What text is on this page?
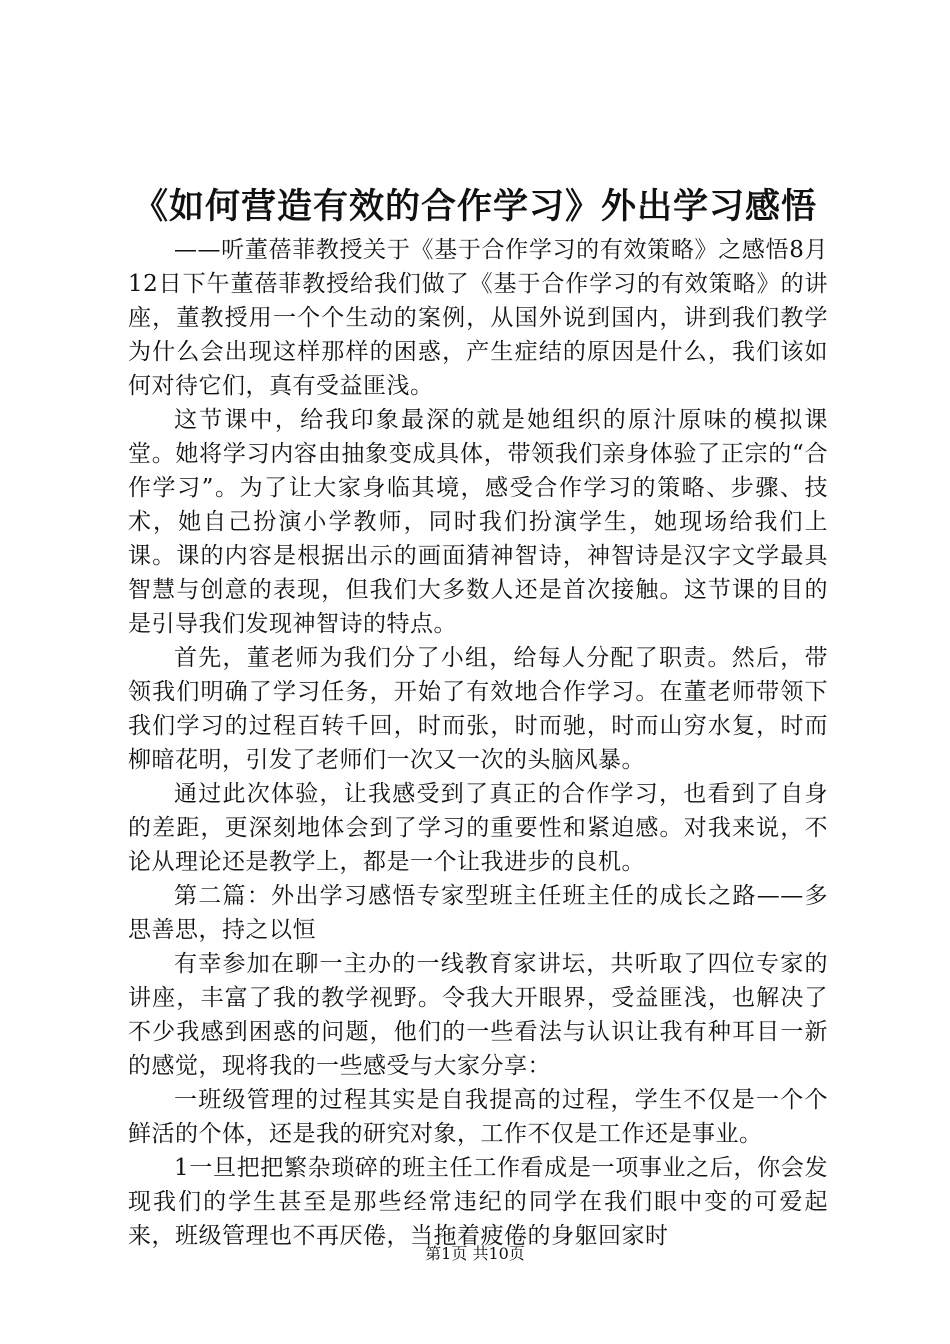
《如何营造有效的合作学习》外出学习感悟

——听董蓓菲教授关于《基于合作学习的有效策略》之感悟8月12日下午董蓓菲教授给我们做了《基于合作学习的有效策略》的讲座，董教授用一个个生动的案例，从国外说到国内，讲到我们教学为什么会出现这样那样的困惑，产生症结的原因是什么，我们该如何对待它们，真有受益匪浅。

这节课中，给我印象最深的就是她组织的原汁原味的模拟课堂。她将学习内容由抽象变成具体，带领我们亲身体验了正宗的“合作学习”。为了让大家身临其境，感受合作学习的策略、步骤、技术，她自己扮演小学教师，同时我们扮演学生，她现场给我们上课。课的内容是根据出示的画面猜神智诗，神智诗是汉字文学最具智慧与创意的表现，但我们大多数人还是首次接触。这节课的目的是引导我们发现神智诗的特点。

首先，董老师为我们分了小组，给每人分配了职责。然后，带领我们明确了学习任务，开始了有效地合作学习。在董老师带领下我们学习的过程百转千回，时而张，时而驰，时而山穷水复，时而柳暗花明，引发了老师们一次又一次的头脑风暴。

通过此次体验，让我感受到了真正的合作学习，也看到了自身的差距，更深刻地体会到了学习的重要性和紧迫感。对我来说，不论从理论还是教学上，都是一个让我进步的良机。

第二篇：外出学习感悟专家型班主任班主任的成长之路——多思善思，持之以恒

有幸参加在聊一主办的一线教育家讲坛，共听取了四位专家的讲座，丰富了我的教学视野。令我大开眼界，受益匪浅，也解决了不少我感到困惑的问题，他们的一些看法与认识让我有种耳目一新的感觉，现将我的一些感受与大家分享：

一班级管理的过程其实是自我提高的过程，学生不仅是一个个鲜活的个体，还是我的研究对象，工作不仅是工作还是事业。

1一旦把把繁杂琐碎的班主任工作看成是一项事业之后，你会发现我们的学生甚至是那些经常违纪的同学在我们眼中变的可爱起来，班级管理也不再厌倦，当拖着疲倦的身躯回家时

第1页 共10页
